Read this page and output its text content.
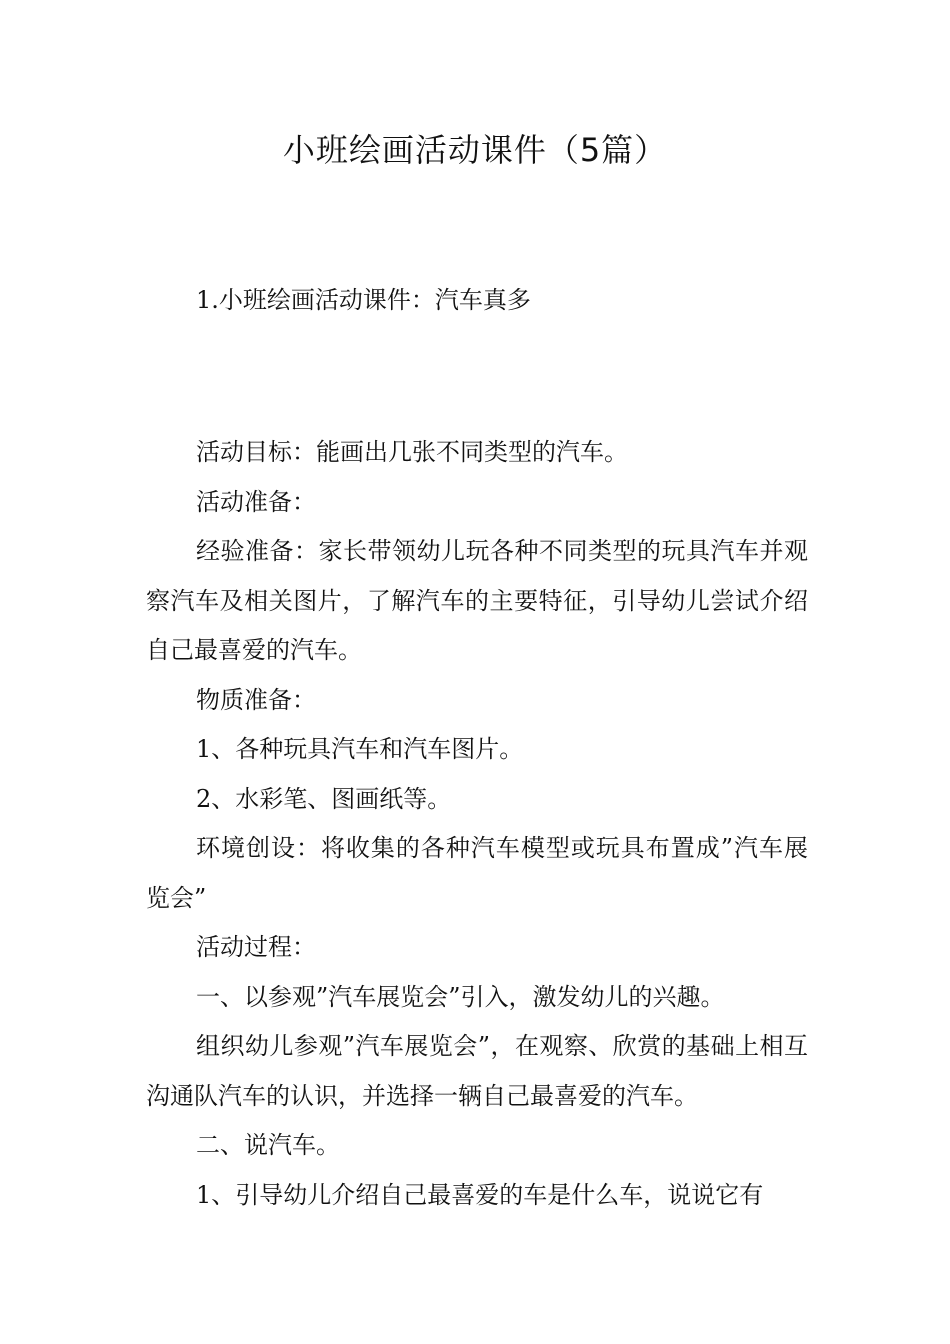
小班绘画活动课件（5篇）
1.小班绘画活动课件：汽车真多

活动目标：能画出几张不同类型的汽车。

活动准备：

经验准备：家长带领幼儿玩各种不同类型的玩具汽车并观察汽车及相关图片，了解汽车的主要特征，引导幼儿尝试介绍自己最喜爱的汽车。

物质准备：

1、各种玩具汽车和汽车图片。

2、水彩笔、图画纸等。

环境创设：将收集的各种汽车模型或玩具布置成”汽车展览会”

活动过程：

一、以参观”汽车展览会”引入，激发幼儿的兴趣。

组织幼儿参观”汽车展览会”，在观察、欣赏的基础上相互沟通队汽车的认识，并选择一辆自己最喜爱的汽车。

二、说汽车。

1、引导幼儿介绍自己最喜爱的车是什么车，说说它有
